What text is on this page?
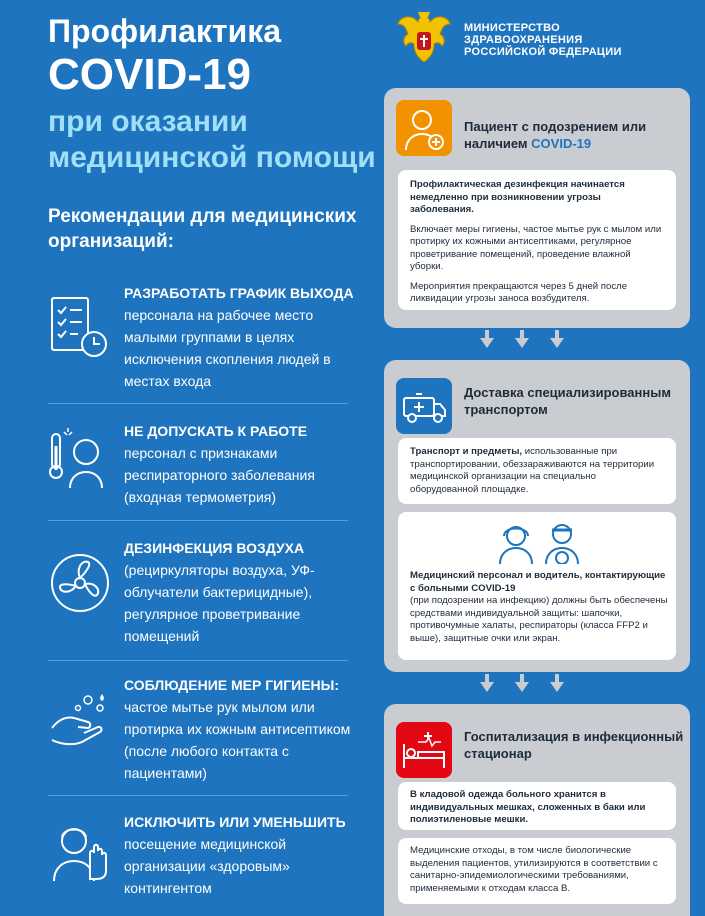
Профилактика
COVID-19
при оказании медицинской помощи
Рекомендации для медицинских организаций:
РАЗРАБОТАТЬ ГРАФИК ВЫХОДА
персонала на рабочее место малыми группами в целях исключения скопления людей в местах входа
НЕ ДОПУСКАТЬ К РАБОТЕ
персонал с признаками респираторного заболевания (входная термометрия)
ДЕЗИНФЕКЦИЯ ВОЗДУХА
(рециркуляторы воздуха, УФ-облучатели бактерицидные), регулярное проветривание помещений
СОБЛЮДЕНИЕ МЕР ГИГИЕНЫ:
частое мытье рук мылом или протирка их кожным антисептиком (после любого контакта с пациентами)
ИСКЛЮЧИТЬ ИЛИ УМЕНЬШИТЬ
посещение медицинской организации «здоровым» контингентом
МИНИСТЕРСТВО
ЗДРАВООХРАНЕНИЯ
РОССИЙСКОЙ ФЕДЕРАЦИИ
Пациент с подозрением или наличием COVID-19

Профилактическая дезинфекция начинается немедленно при возникновении угрозы заболевания.

Включает меры гигиены, частое мытье рук с мылом или протирку их кожными антисептиками, регулярное проветривание помещений, проведение влажной уборки.

Мероприятия прекращаются через 5 дней после ликвидации угрозы заноса возбудителя.

Доставка специализированным транспортом
Транспорт и предметы, использованные при транспортировании, обеззараживаются на территории медицинской организации на специально оборудованной площадке.
Медицинский персонал и водитель, контактирующие с больными COVID-19
(при подозрении на инфекцию) должны быть обеспечены средствами индивидуальной защиты: шапочки, противочумные халаты, респираторы (класса FFP2 и выше), защитные очки или экран.
Госпитализация в инфекционный стационар
В кладовой одежда больного хранится в индивидуальных мешках, сложенных в баки или полиэтиленовые мешки.
Медицинские отходы, в том числе биологические выделения пациентов, утилизируются в соответствии с санитарно-эпидемиологическими требованиями, применяемыми к отходам класса В.
